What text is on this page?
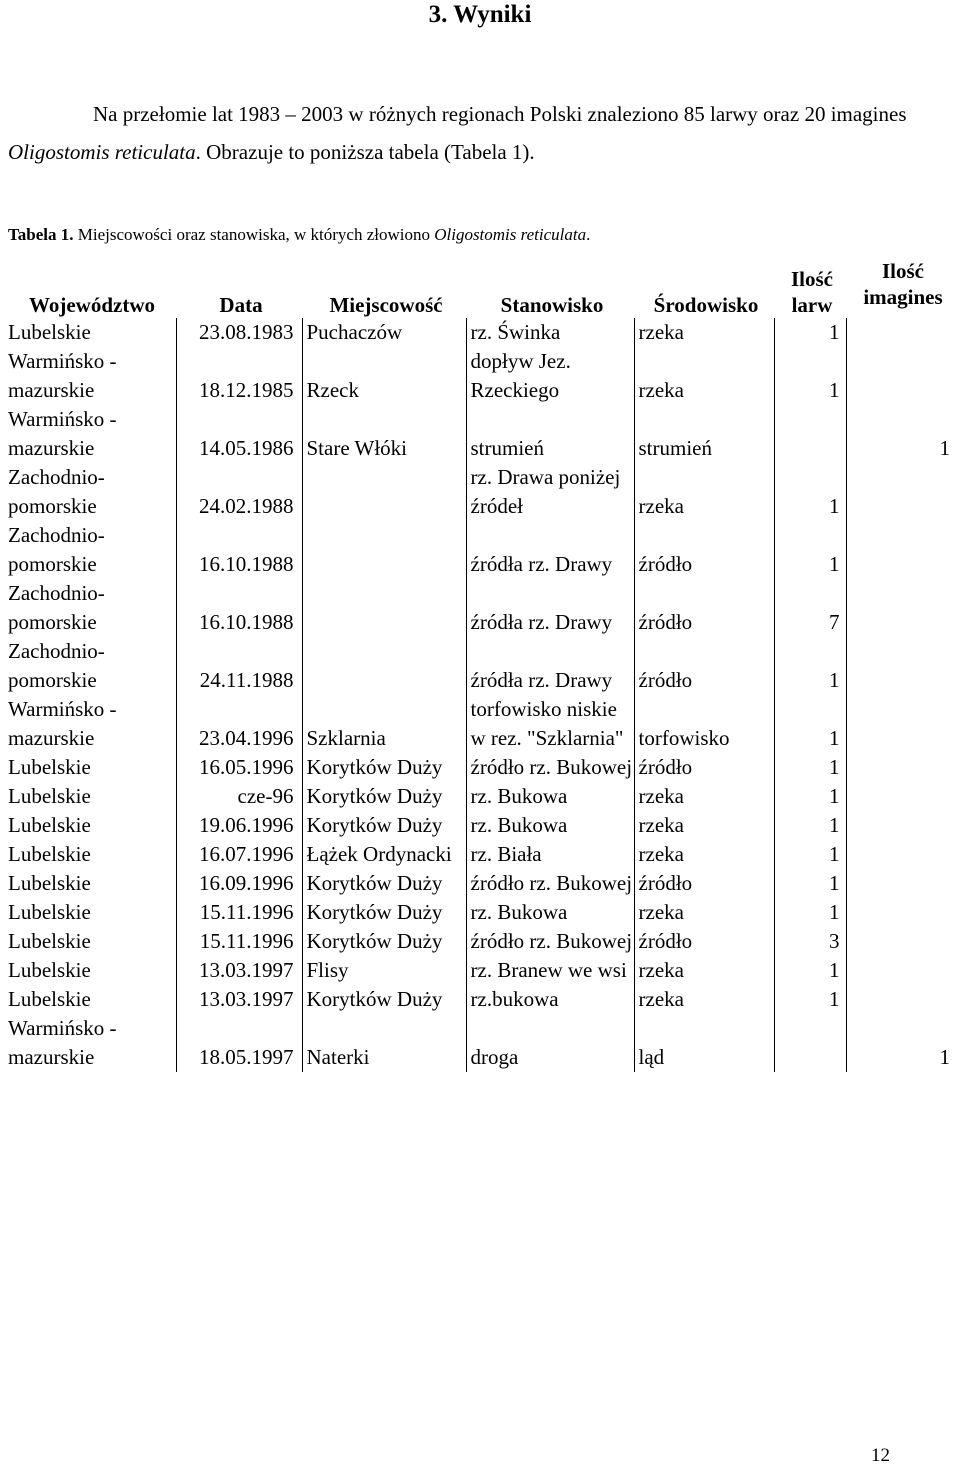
3. Wyniki
Na przełomie lat 1983 – 2003 w różnych regionach Polski znaleziono 85 larwy oraz 20 imagines Oligostomis reticulata. Obrazuje to poniższa tabela (Tabela 1).
Tabela 1. Miejscowości oraz stanowiska, w których złowiono Oligostomis reticulata.
Województwo	Data	Miejscowość	Stanowisko	Środowisko	Ilość larw	Ilość imagines
Lubelskie	23.08.1983	Puchaczów	rz. Świnka	rzeka	1	
Warmińsko - mazurskie	18.12.1985	Rzeck	dopływ Jez. Rzeckiego	rzeka	1	
Warmińsko - mazurskie	14.05.1986	Stare Włóki	strumień	strumień		1
Zachodnio-pomorskie	24.02.1988		rz. Drawa poniżej źródeł	rzeka	1	
Zachodnio-pomorskie	16.10.1988		źródła rz. Drawy	źródło	1	
Zachodnio-pomorskie	16.10.1988		źródła rz. Drawy	źródło	7	
Zachodnio-pomorskie	24.11.1988		źródła rz. Drawy	źródło	1	
Warmińsko - mazurskie	23.04.1996	Szklarnia	torfowisko niskie w rez. "Szklarnia"	torfowisko	1	
Lubelskie	16.05.1996	Korytków Duży	źródło rz. Bukowej	źródło	1	
Lubelskie	cze-96	Korytków Duży	rz. Bukowa	rzeka	1	
Lubelskie	19.06.1996	Korytków Duży	rz. Bukowa	rzeka	1	
Lubelskie	16.07.1996	Łążek Ordynacki	rz. Biała	rzeka	1	
Lubelskie	16.09.1996	Korytków Duży	źródło rz. Bukowej	źródło	1	
Lubelskie	15.11.1996	Korytków Duży	rz. Bukowa	rzeka	1	
Lubelskie	15.11.1996	Korytków Duży	źródło rz. Bukowej	źródło	3	
Lubelskie	13.03.1997	Flisy	rz. Branew we wsi	rzeka	1	
Lubelskie	13.03.1997	Korytków Duży	rz.bukowa	rzeka	1	
Warmińsko - mazurskie	18.05.1997	Naterki	droga	ląd		1
12
